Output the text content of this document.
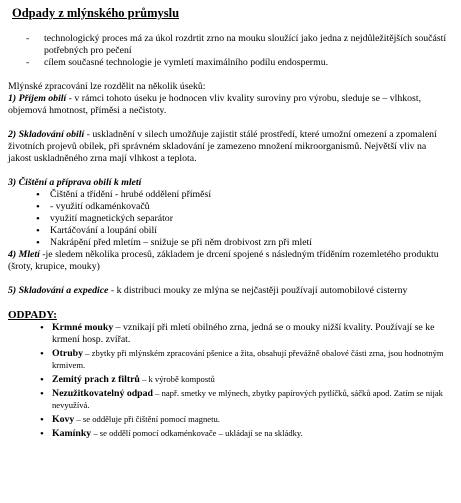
Odpady z mlýnského průmyslu
- technologický proces má za úkol rozdrtit zrno na mouku sloužící jako jedna z nejdůležitějších součástí potřebných pro pečení
- cílem současné technologie je vymletí maximálního podílu endospermu.

Mlýnské zpracování lze rozdělit na několik úseků:

1) Příjem obilí - v rámci tohoto úseku je hodnocen vliv kvality suroviny pro výrobu, sleduje se – vlhkost, objemová hmotnost, příměsi a nečistoty.

2) Skladování obilí - uskladnění v silech umožňuje zajistit stálé prostředí, které umožní omezení a zpomalení životních projevů obilek, při správném skladování je zamezeno množení mikroorganismů. Největší vliv na jakost uskladněného zrna mají vlhkost a teplota.

3) Čištění a příprava obilí k mletí

• Čištění a třídění - hrubé oddělení příměsí
• - využití odkaménkovačů
• využití magnetických separátor
• Kartáčování a loupání obilí
• Nakrápění před mletím – snižuje se při něm drobivost zrn při mletí

4) Mletí -je sledem několika procesů, základem je drcení spojené s následným tříděním rozemletého produktu (šroty, krupice, mouky)

5) Skladování a expedice - k distribuci mouky ze mlýna se nejčastěji používají automobilové cisterny

ODPADY:

• Krmné mouky – vznikají při mletí obilného zrna, jedná se o mouky nižší kvality. Používají se ke krmení hosp. zvířat.
• Otruby – zbytky při mlýnském zpracování pšenice a žita, obsahují převážně obalové části zrna, jsou hodnotným krmivem.
• Zemitý prach z filtrů – k výrobě kompostů
• Nezužitkovatelný odpad – např. smetky ve mlýnech, zbytky papírových pytlíčků, sáčků apod. Zatím se nijak nevyužívá.
• Kovy – se odděluje při čištění pomocí magnetu.
• Kamínky – se oddělí pomocí odkaménkovače – ukládají se na skládky.
